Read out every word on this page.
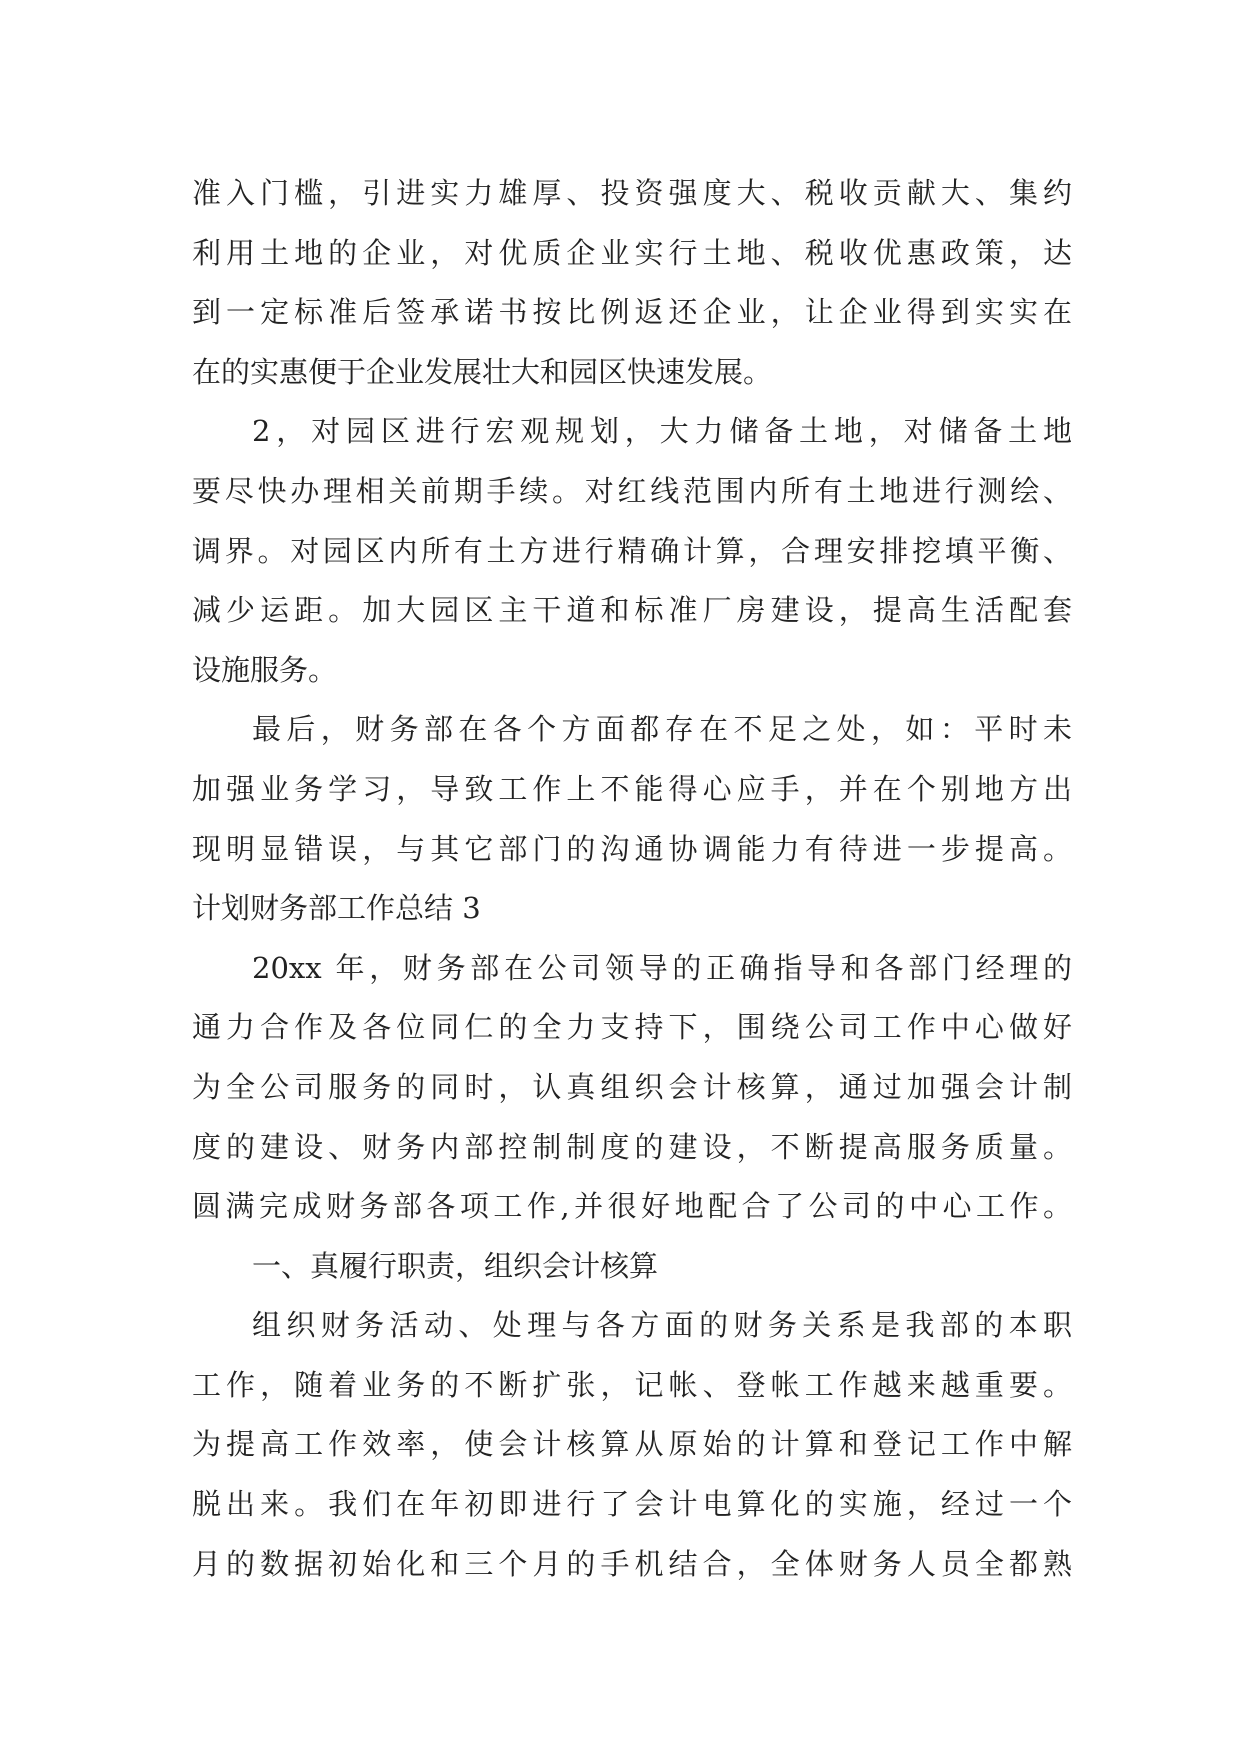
准入门槛，引进实力雄厚、投资强度大、税收贡献大、集约
利用土地的企业，对优质企业实行土地、税收优惠政策，达
到一定标准后签承诺书按比例返还企业，让企业得到实实在
在的实惠便于企业发展壮大和园区快速发展。
2，对园区进行宏观规划，大力储备土地，对储备土地
要尽快办理相关前期手续。对红线范围内所有土地进行测绘、
调界。对园区内所有土方进行精确计算，合理安排挖填平衡、
减少运距。加大园区主干道和标准厂房建设，提高生活配套
设施服务。
最后，财务部在各个方面都存在不足之处，如：平时未
加强业务学习，导致工作上不能得心应手，并在个别地方出
现明显错误，与其它部门的沟通协调能力有待进一步提高。
计划财务部工作总结 3
20xx 年，财务部在公司领导的正确指导和各部门经理的
通力合作及各位同仁的全力支持下，围绕公司工作中心做好
为全公司服务的同时，认真组织会计核算，通过加强会计制
度的建设、财务内部控制制度的建设，不断提高服务质量。
圆满完成财务部各项工作,并很好地配合了公司的中心工作。
一、真履行职责，组织会计核算
组织财务活动、处理与各方面的财务关系是我部的本职
工作，随着业务的不断扩张，记帐、登帐工作越来越重要。
为提高工作效率，使会计核算从原始的计算和登记工作中解
脱出来。我们在年初即进行了会计电算化的实施，经过一个
月的数据初始化和三个月的手机结合，全体财务人员全都熟
